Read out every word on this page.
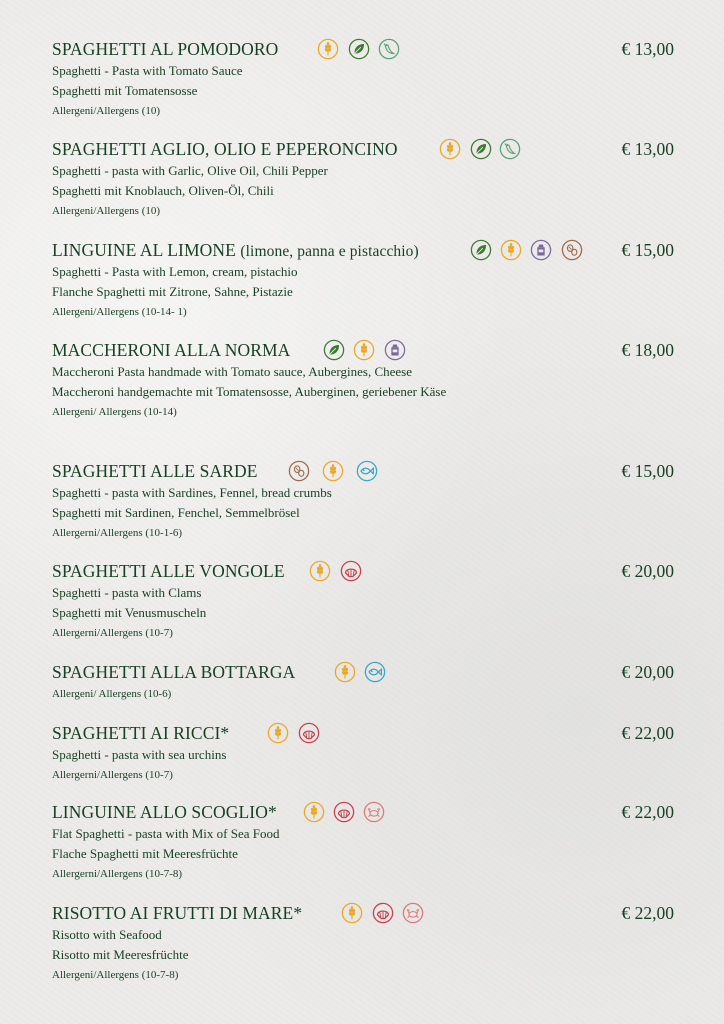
SPAGHETTI AL POMODORO	€ 13,00
Spaghetti - Pasta with Tomato Sauce
Spaghetti mit Tomatensosse
Allergeni/Allergens (10)
SPAGHETTI AGLIO, OLIO E PEPERONCINO	€ 13,00
Spaghetti - pasta with Garlic, Olive Oil, Chili Pepper
Spaghetti mit Knoblauch, Oliven-Öl, Chili
Allergeni/Allergens (10)
LINGUINE AL LIMONE (limone, panna e pistacchio)	€ 15,00
Spaghetti - Pasta with Lemon, cream, pistachio
Flanche Spaghetti mit Zitrone, Sahne, Pistazie
Allergeni/Allergens (10-14- 1)
MACCHERONI ALLA NORMA	€ 18,00
Maccheroni Pasta handmade with Tomato sauce, Aubergines, Cheese
Maccheroni handgemachte mit Tomatensosse, Auberginen, geriebener Käse
Allergeni/ Allergens (10-14)
SPAGHETTI ALLE SARDE	€ 15,00
Spaghetti - pasta with Sardines, Fennel, bread crumbs
Spaghetti mit Sardinen, Fenchel, Semmelbrösel
Allergerni/Allergens (10-1-6)
SPAGHETTI ALLE VONGOLE	€ 20,00
Spaghetti - pasta with Clams
Spaghetti mit Venusmuscheln
Allergerni/Allergens (10-7)
SPAGHETTI ALLA BOTTARGA	€ 20,00
Allergeni/ Allergens (10-6)
SPAGHETTI AI RICCI*	€ 22,00
Spaghetti - pasta with sea urchins
Allergerni/Allergens (10-7)
LINGUINE ALLO SCOGLIO*	€ 22,00
Flat Spaghetti - pasta with Mix of Sea Food
Flache Spaghetti mit Meeresfrüchte
Allergerni/Allergens (10-7-8)
RISOTTO AI FRUTTI DI MARE*	€ 22,00
Risotto with Seafood
Risotto mit Meeresfrüchte
Allergeni/Allergens (10-7-8)
